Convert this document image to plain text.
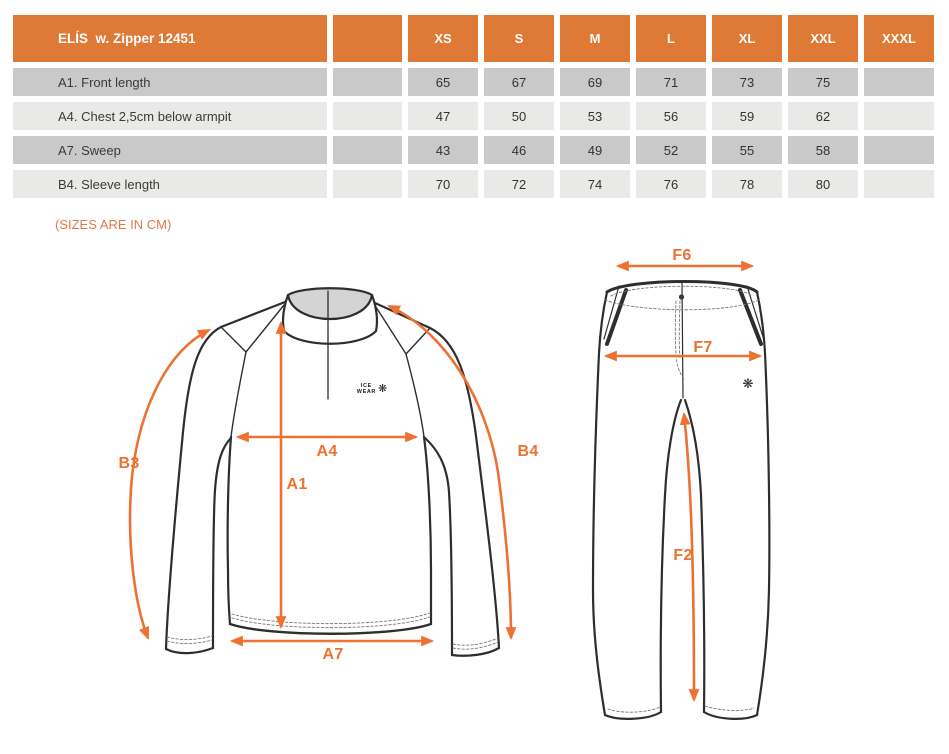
ELÍS  w. Zipper 12451	XS	S	M	L	XL	XXL	XXXL
A1. Front length	65	67	69	71	73	75
A4. Chest 2,5cm below armpit	47	50	53	56	59	62
A7. Sweep	43	46	49	52	55	58
B4. Sleeve length	70	72	74	76	78	80
(SIZES ARE IN CM)
B3
A4
A1
B4
A7
F6
F7
F2
ICE
WEAR ❋	❋
